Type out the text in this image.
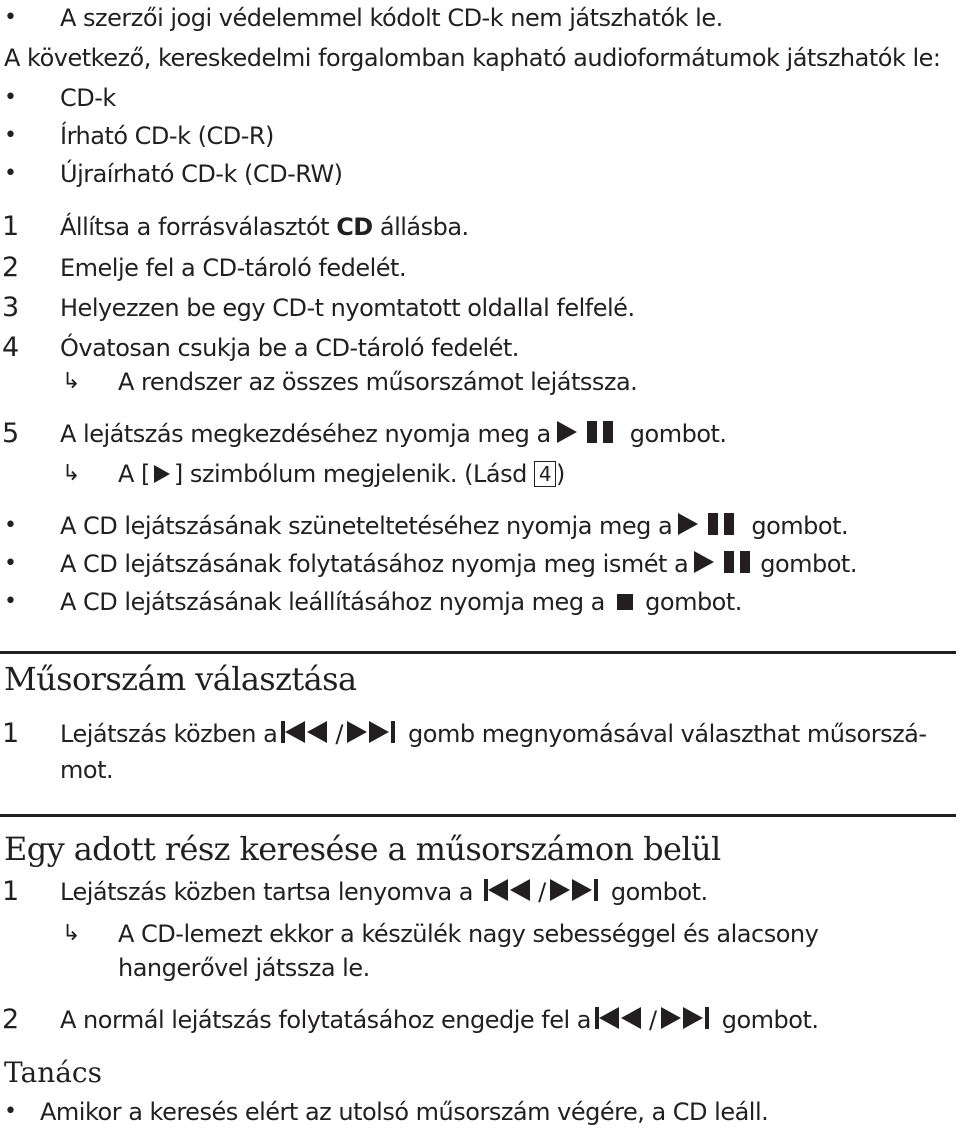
• A szerzői jogi védelemmel kódolt CD-k nem játszhatók le.
A következő, kereskedelmi forgalomban kapható audioformátumok játszhatók le:
• CD-k
• Írható CD-k (CD-R)
• Újraírható CD-k (CD-RW)
1 Állítsa a forrásválasztót CD állásba.
2 Emelje fel a CD-tároló fedelét.
3 Helyezzen be egy CD-t nyomtatott oldallal felfelé.
4 Óvatosan csukja be a CD-tároló fedelét.
↳ A rendszer az összes műsorszámot lejátssza.
5 A lejátszás megkezdéséhez nyomja meg a	gombot.
↳ A [ ] szimbólum megjelenik. (Lásd 4 )
• A CD lejátszásának szüneteltetéséhez nyomja meg a	gombot.
• A CD lejátszásának folytatásához nyomja meg ismét a	gombot.
• A CD lejátszásának leállításához nyomja meg a  gombot.
Műsorszám választása
1 Lejátszás közben a / gomb megnyomásával választhat műsorszá-
mot.
Egy adott rész keresése a műsorszámon belül
1 Lejátszás közben tartsa lenyomva a / gombot.
↳ A CD-lemezt ekkor a készülék nagy sebességgel és alacsony
hangerővel játssza le.
2 A normál lejátszás folytatásához engedje fel a / gombot.
Tanács
• Amikor a keresés elért az utolsó műsorszám végére, a CD leáll.
